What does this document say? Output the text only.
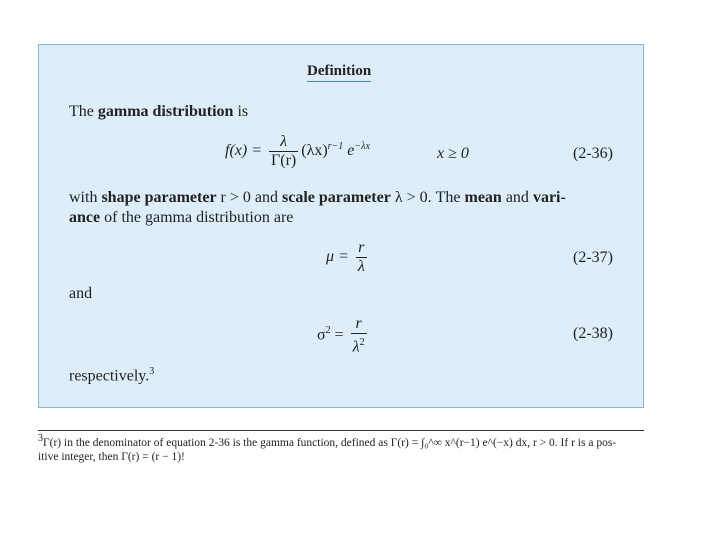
Definition
The gamma distribution is
$f(x) = \frac{\lambda}{\Gamma(r)} (\lambda x)^{r-1}$ $e^{-\lambda x}$	x ≥ 0	(2-36)
with shape parameter r > 0 and scale parameter λ > 0. The mean and vari-
ance of the gamma distribution are
$\mu = \frac{r}{\lambda}$	(2-37)
and
$\sigma^2 = \frac{r}{\lambda^2}$	(2-38)
respectively.$^3$
$^3$Γ(r) in the denominator of equation 2-36 is the gamma function, defined as Γ(r) = ∫₀^∞ x^(r−1) e^(−x) dx, r > 0. If r is a pos-
itive integer, then Γ(r) = (r − 1)!
